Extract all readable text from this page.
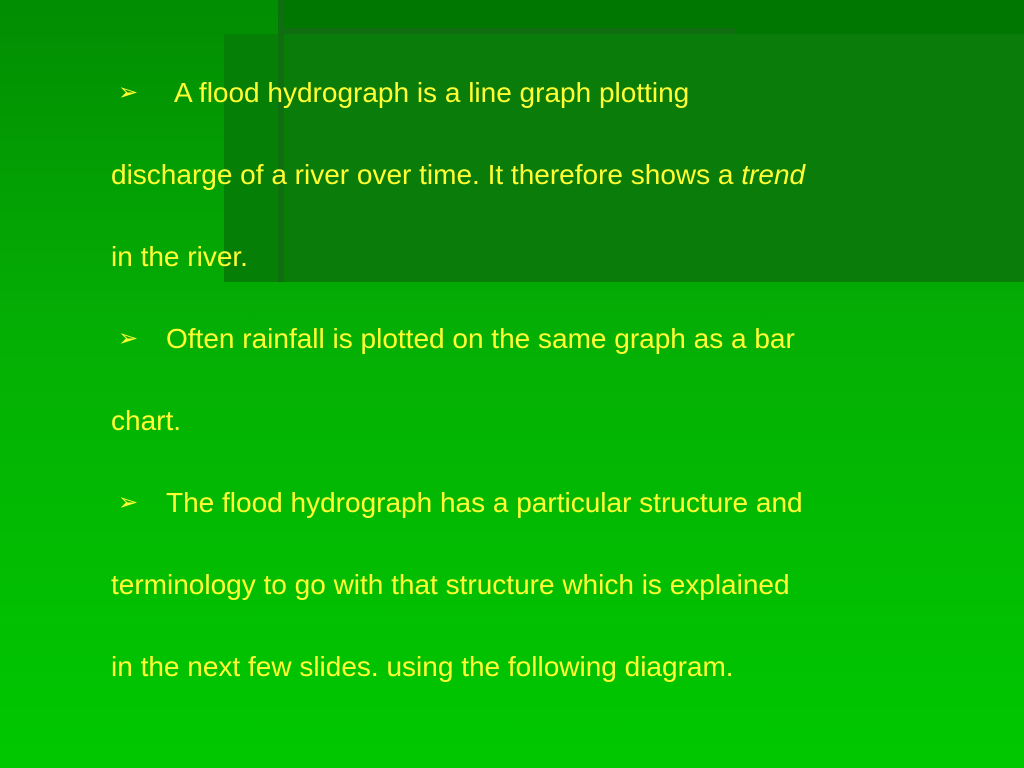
➢ A flood hydrograph is a line graph plotting
discharge of a river over time. It therefore shows a trend
in the river.
➢ Often rainfall is plotted on the same graph as a bar
chart.
➢ The flood hydrograph has a particular structure and
terminology to go with that structure which is explained
in the next few slides. using the following diagram.
